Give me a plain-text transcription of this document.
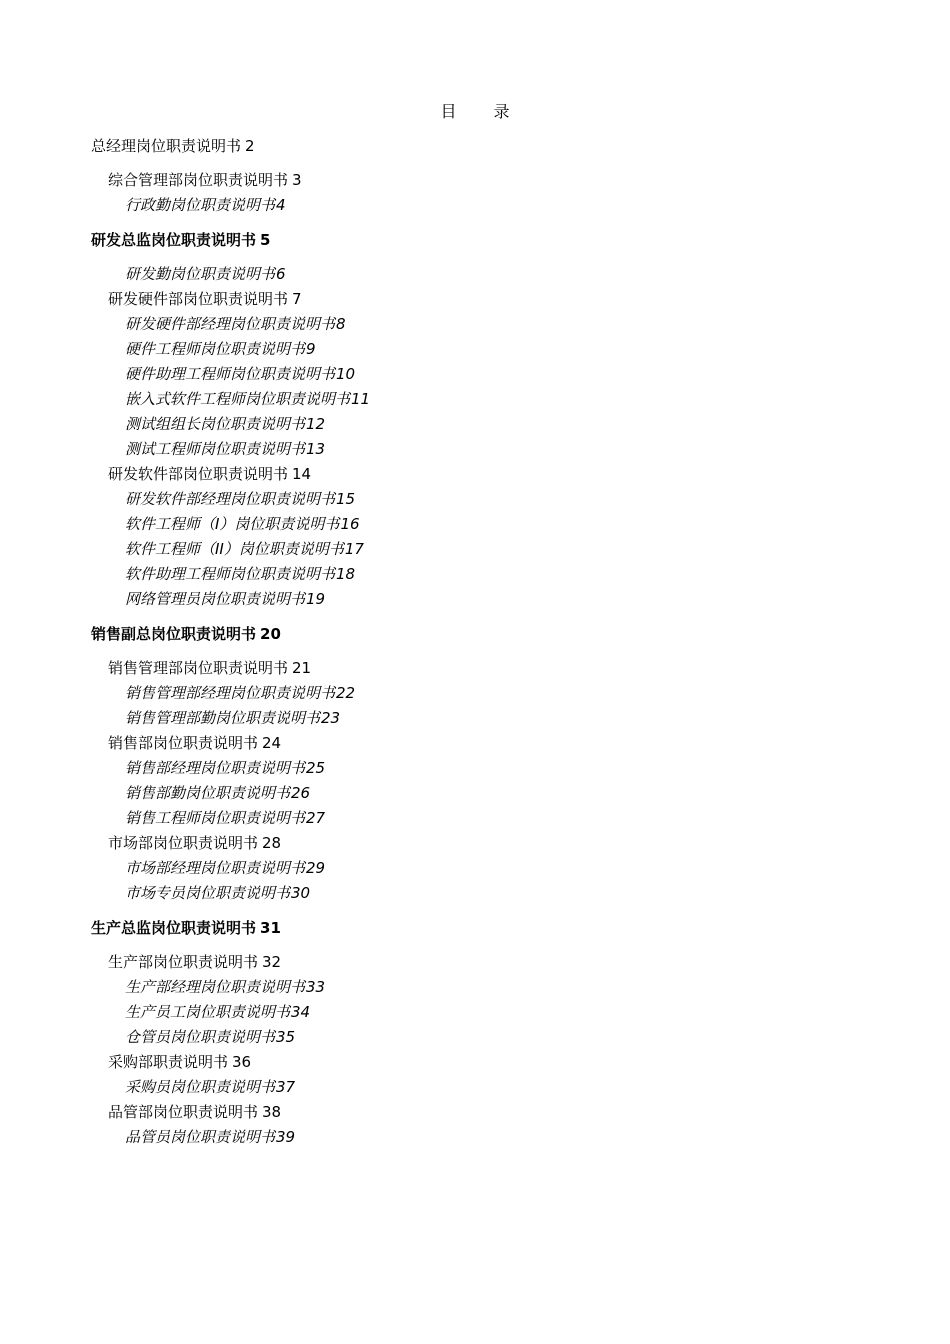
目 录
总经理岗位职责说明书 2
综合管理部岗位职责说明书 3
行政勤岗位职责说明书4
研发总监岗位职责说明书 5
研发勤岗位职责说明书6
研发硬件部岗位职责说明书 7
研发硬件部经理岗位职责说明书8
硬件工程师岗位职责说明书9
硬件助理工程师岗位职责说明书10
嵌入式软件工程师岗位职责说明书11
测试组组长岗位职责说明书12
测试工程师岗位职责说明书13
研发软件部岗位职责说明书 14
研发软件部经理岗位职责说明书15
软件工程师（I）岗位职责说明书16
软件工程师（II）岗位职责说明书17
软件助理工程师岗位职责说明书18
网络管理员岗位职责说明书19
销售副总岗位职责说明书 20
销售管理部岗位职责说明书 21
销售管理部经理岗位职责说明书22
销售管理部勤岗位职责说明书23
销售部岗位职责说明书 24
销售部经理岗位职责说明书25
销售部勤岗位职责说明书26
销售工程师岗位职责说明书27
市场部岗位职责说明书 28
市场部经理岗位职责说明书29
市场专员岗位职责说明书30
生产总监岗位职责说明书 31
生产部岗位职责说明书 32
生产部经理岗位职责说明书33
生产员工岗位职责说明书34
仓管员岗位职责说明书35
采购部职责说明书 36
采购员岗位职责说明书37
品管部岗位职责说明书 38
品管员岗位职责说明书39
